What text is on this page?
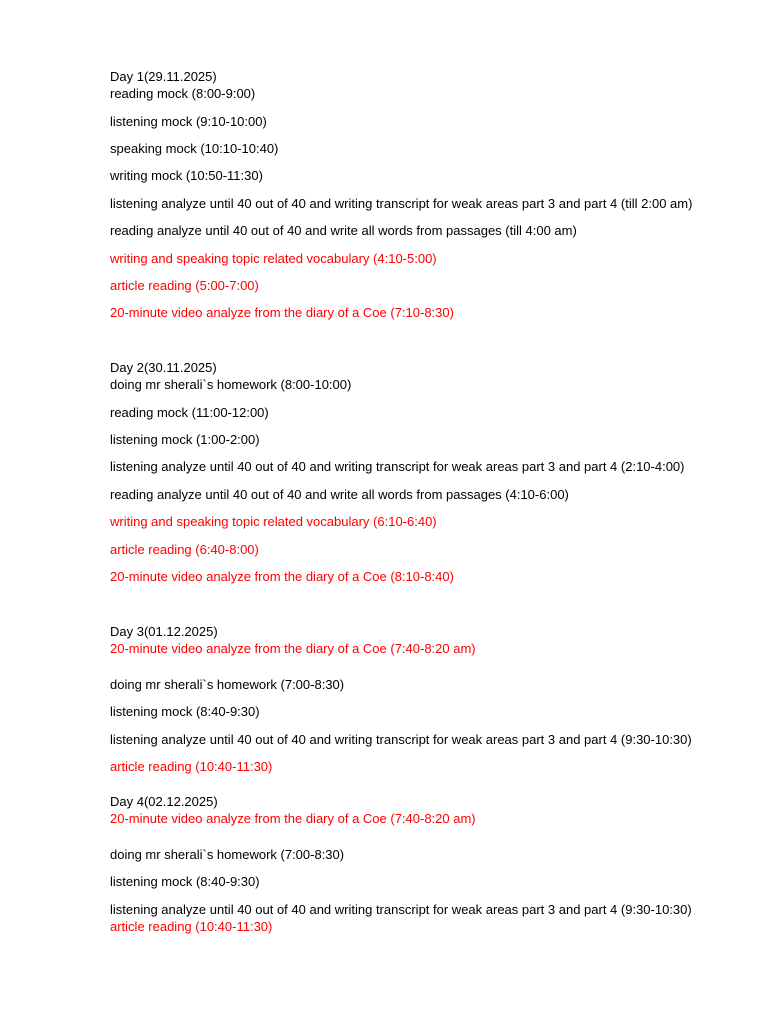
Day 1(29.11.2025)

reading mock (8:00-9:00)

listening mock (9:10-10:00)

speaking mock (10:10-10:40)

writing mock (10:50-11:30)

listening analyze until 40 out of 40 and writing transcript for weak areas part 3 and part 4 (till 2:00 am)

reading analyze until 40 out of 40 and write all words from passages (till 4:00 am)

writing and speaking topic related vocabulary (4:10-5:00)

article reading (5:00-7:00)

20-minute video analyze from the diary of a Coe (7:10-8:30)

Day 2(30.11.2025)

doing mr sherali`s homework (8:00-10:00)

reading mock (11:00-12:00)

listening mock (1:00-2:00)

listening analyze until 40 out of 40 and writing transcript for weak areas part 3 and part 4 (2:10-4:00)

reading analyze until 40 out of 40 and write all words from passages (4:10-6:00)

writing and speaking topic related vocabulary (6:10-6:40)

article reading (6:40-8:00)

20-minute video analyze from the diary of a Coe (8:10-8:40)

Day 3(01.12.2025)

20-minute video analyze from the diary of a Coe (7:40-8:20 am)

doing mr sherali`s homework (7:00-8:30)

listening mock (8:40-9:30)

listening analyze until 40 out of 40 and writing transcript for weak areas part 3 and part 4 (9:30-10:30)

article reading (10:40-11:30)

Day 4(02.12.2025)

20-minute video analyze from the diary of a Coe (7:40-8:20 am)

doing mr sherali`s homework (7:00-8:30)

listening mock (8:40-9:30)

listening analyze until 40 out of 40 and writing transcript for weak areas part 3 and part 4 (9:30-10:30)

article reading (10:40-11:30)
